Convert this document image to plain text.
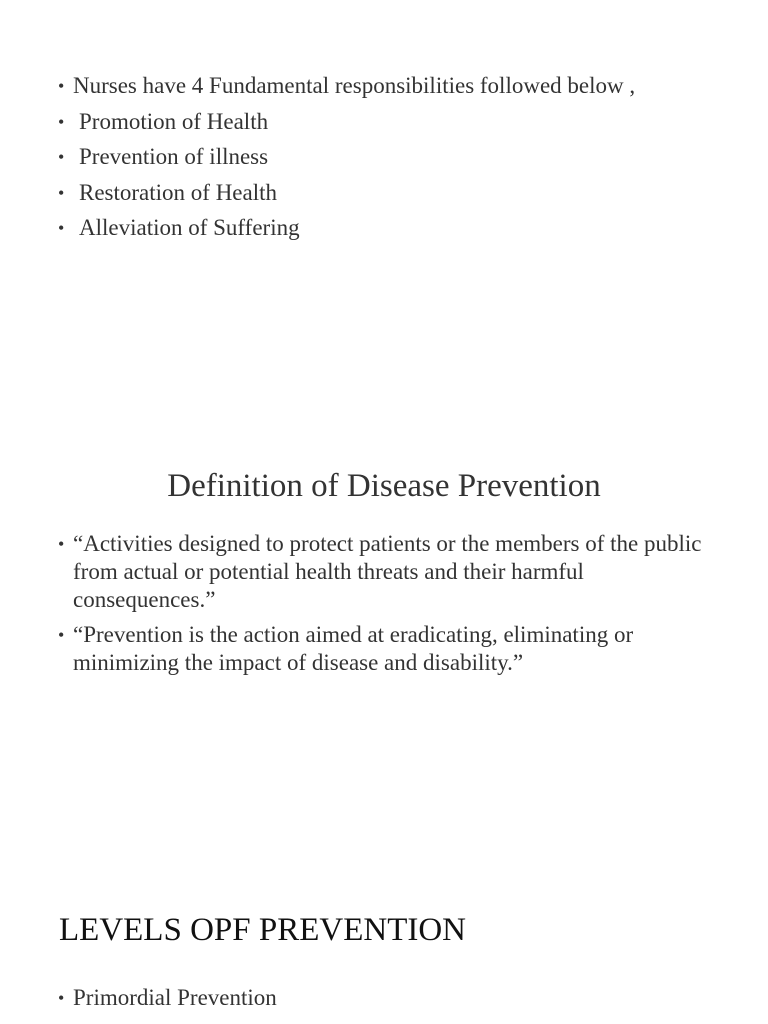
• Nurses have 4 Fundamental responsibilities followed below ,
• Promotion of Health
• Prevention of illness
• Restoration of Health
• Alleviation of Suffering
Definition of Disease Prevention
• “Activities designed to protect patients or the members of the public from actual or potential health threats and their harmful consequences.”
• “Prevention is the action aimed at eradicating, eliminating or minimizing the impact of disease and disability.”
LEVELS OPF PREVENTION
• Primordial Prevention
